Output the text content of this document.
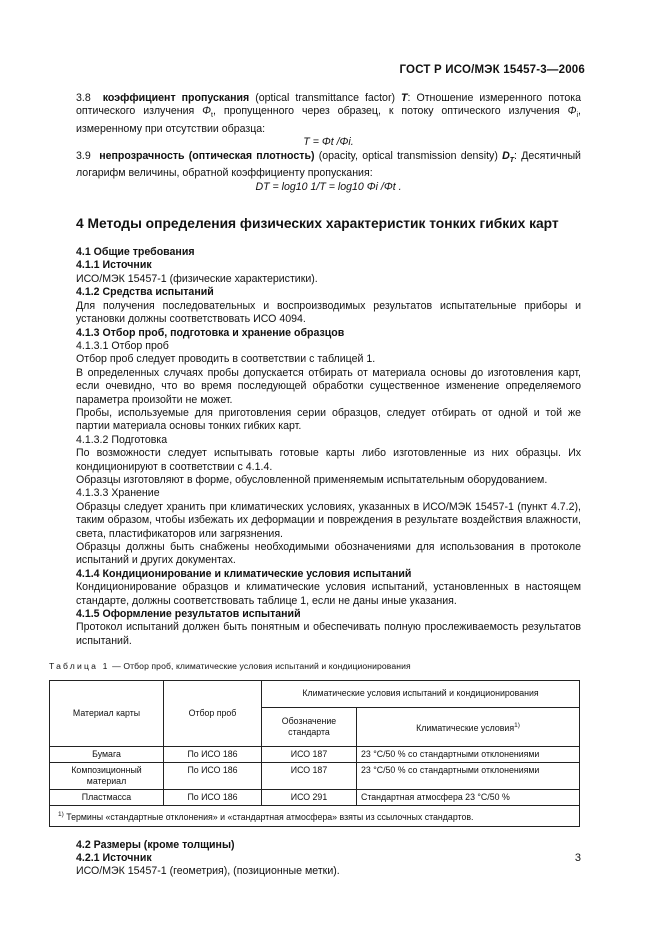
ГОСТ Р ИСО/МЭК 15457-3—2006

3.8 коэффициент пропускания (optical transmittance factor) T: Отношение измеренного потока оптического излучения $\Phi_t$, пропущенного через образец, к потоку оптического излучения $\Phi_i$, измеренному при отсутствии образца:

T = Φt /Φi.

3.9 непрозрачность (оптическая плотность) (opacity, optical transmission density) $D_T$: Десятичный логарифм величины, обратной коэффициенту пропускания:

DT = log10 1/T = log10 Φi /Φt .

4 Методы определения физических характеристик тонких гибких карт

4.1 Общие требования

4.1.1 Источник

ИСО/МЭК 15457-1 (физические характеристики).

4.1.2 Средства испытаний

Для получения последовательных и воспроизводимых результатов испытательные приборы и установки должны соответствовать ИСО 4094.

4.1.3 Отбор проб, подготовка и хранение образцов

4.1.3.1 Отбор проб

Отбор проб следует проводить в соответствии с таблицей 1.

В определенных случаях пробы допускается отбирать от материала основы до изготовления карт, если очевидно, что во время последующей обработки существенное изменение определяемого параметра произойти не может.

Пробы, используемые для приготовления серии образцов, следует отбирать от одной и той же партии материала основы тонких гибких карт.

4.1.3.2 Подготовка

По возможности следует испытывать готовые карты либо изготовленные из них образцы. Их кондиционируют в соответствии с 4.1.4.

Образцы изготовляют в форме, обусловленной применяемым испытательным оборудованием.

4.1.3.3 Хранение

Образцы следует хранить при климатических условиях, указанных в ИСО/МЭК 15457-1 (пункт 4.7.2), таким образом, чтобы избежать их деформации и повреждения в результате воздействия влажности, света, пластификаторов или загрязнения.

Образцы должны быть снабжены необходимыми обозначениями для использования в протоколе испытаний и других документах.

4.1.4 Кондиционирование и климатические условия испытаний

Кондиционирование образцов и климатические условия испытаний, установленных в настоящем стандарте, должны соответствовать таблице 1, если не даны иные указания.

4.1.5 Оформление результатов испытаний

Протокол испытаний должен быть понятным и обеспечивать полную прослеживаемость результатов испытаний.

Таблица 1 — Отбор проб, климатические условия испытаний и кондиционирования
Материал карты	Отбор проб	Климатические условия испытаний и кондиционирования	
		Обозначение стандарта	Климатические условия$^{1)}$
Бумага	По ИСО 186	ИСО 187	23 °С/50 % со стандартными отклонениями
Композиционный материал	По ИСО 186	ИСО 187	23 °С/50 % со стандартными отклонениями
Пластмасса	По ИСО 186	ИСО 291	Стандартная атмосфера 23 °С/50 %
$^{1)}$ Термины «стандартные отклонения» и «стандартная атмосфера» взяты из ссылочных стандартов.			

4.2 Размеры (кроме толщины)

4.2.1 Источник

ИСО/МЭК 15457-1 (геометрия), (позиционные метки).

3
